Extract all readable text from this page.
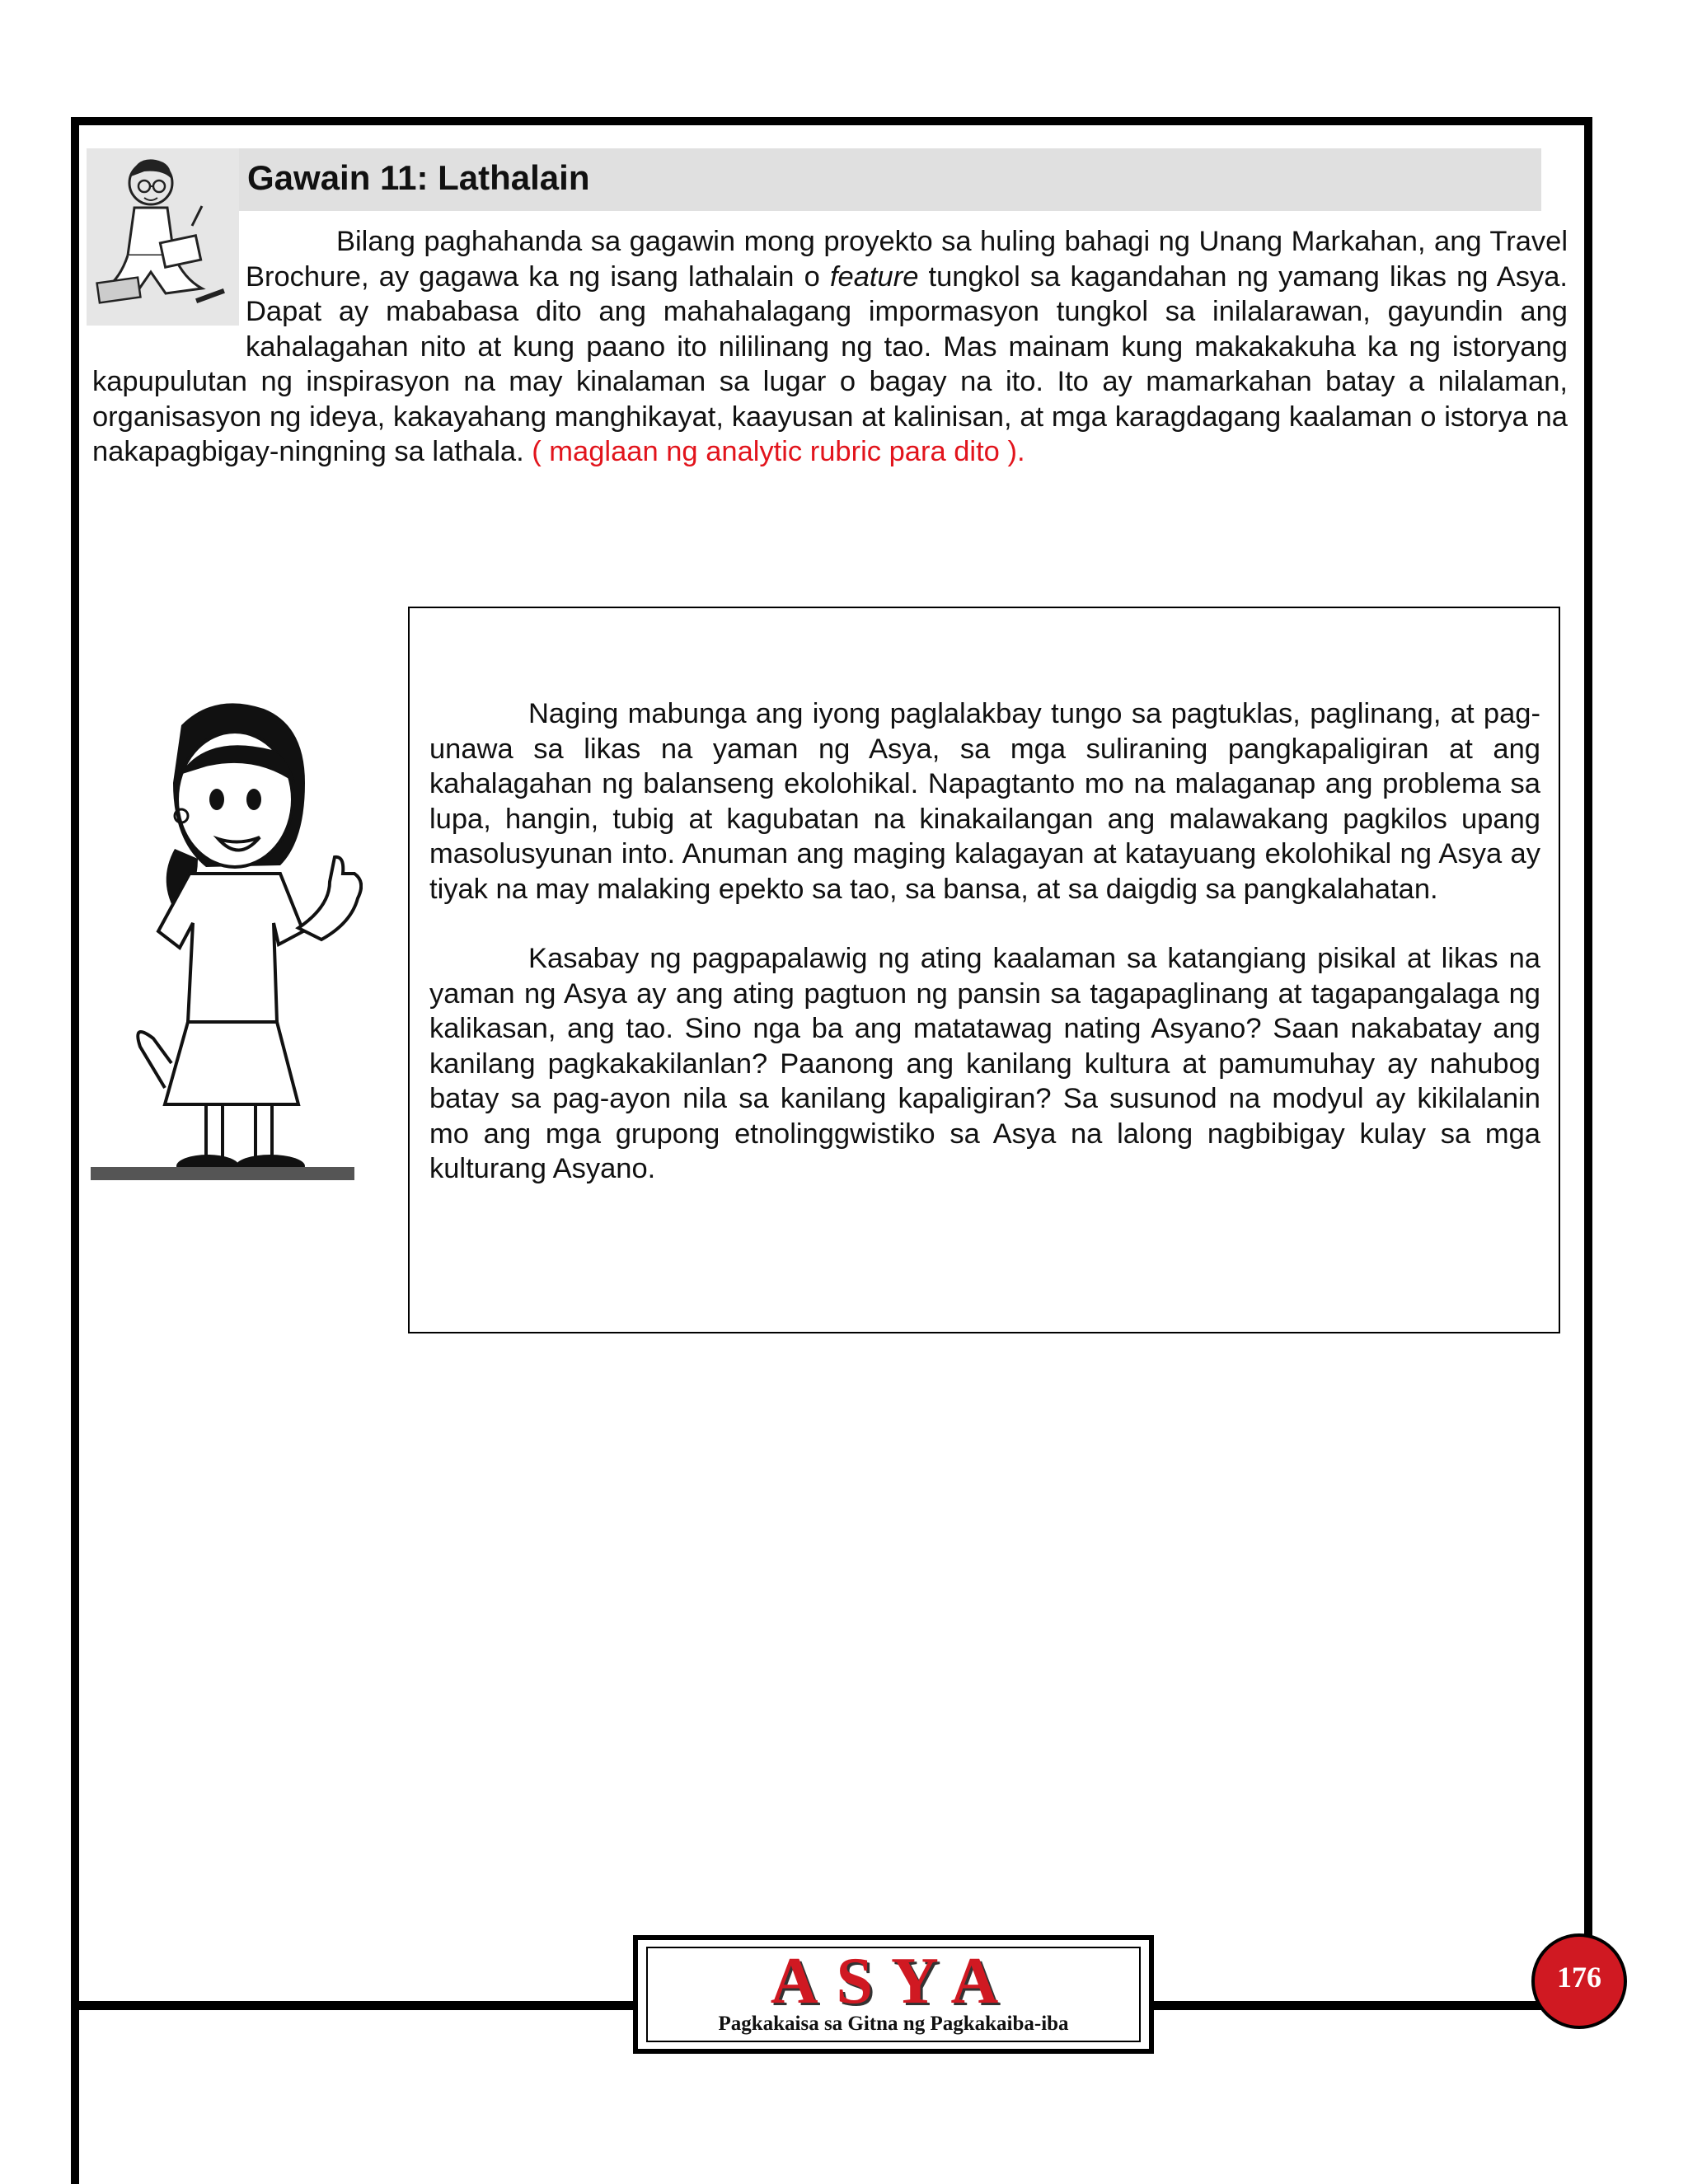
Gawain 11: Lathalain
Bilang paghahanda sa gagawin mong proyekto sa huling bahagi ng Unang Markahan, ang Travel Brochure, ay gagawa ka ng isang lathalain o feature tungkol sa kagandahan ng yamang likas ng Asya. Dapat ay mababasa dito ang mahahalagang impormasyon tungkol sa inilalarawan, gayundin ang kahalagahan nito at kung paano ito nililinang ng tao. Mas mainam kung makakakuha ka ng istoryang kapupulutan ng inspirasyon na may kinalaman sa lugar o bagay na ito. Ito ay mamarkahan batay a nilalaman, organisasyon ng ideya, kakayahang manghikayat, kaayusan at kalinisan, at mga karagdagang kaalaman o istorya na nakapagbigay-ningning sa lathala. ( maglaan ng analytic rubric para dito ).

Naging mabunga ang iyong paglalakbay tungo sa pagtuklas, paglinang, at pag-unawa sa likas na yaman ng Asya, sa mga suliraning pangkapaligiran at ang kahalagahan ng balanseng ekolohikal. Napagtanto mo na malaganap ang problema sa lupa, hangin, tubig at kagubatan na kinakailangan ang malawakang pagkilos upang masolusyunan into. Anuman ang maging kalagayan at katayuang ekolohikal ng Asya ay tiyak na may malaking epekto sa tao, sa bansa, at sa daigdig sa pangkalahatan.

Kasabay ng pagpapalawig ng ating kaalaman sa katangiang pisikal at likas na yaman ng Asya ay ang ating pagtuon ng pansin sa tagapaglinang at tagapangalaga ng kalikasan, ang tao. Sino nga ba ang matatawag nating Asyano? Saan nakabatay ang kanilang pagkakakilanlan? Paanong ang kanilang kultura at pamumuhay ay nahubog batay sa pag-ayon nila sa kanilang kapaligiran? Sa susunod na modyul ay kikilalanin mo ang mga grupong etnolinggwistiko sa Asya na lalong nagbibigay kulay sa mga kulturang Asyano.

ASYA
Pagkakaisa sa Gitna ng Pagkakaiba-iba
176
